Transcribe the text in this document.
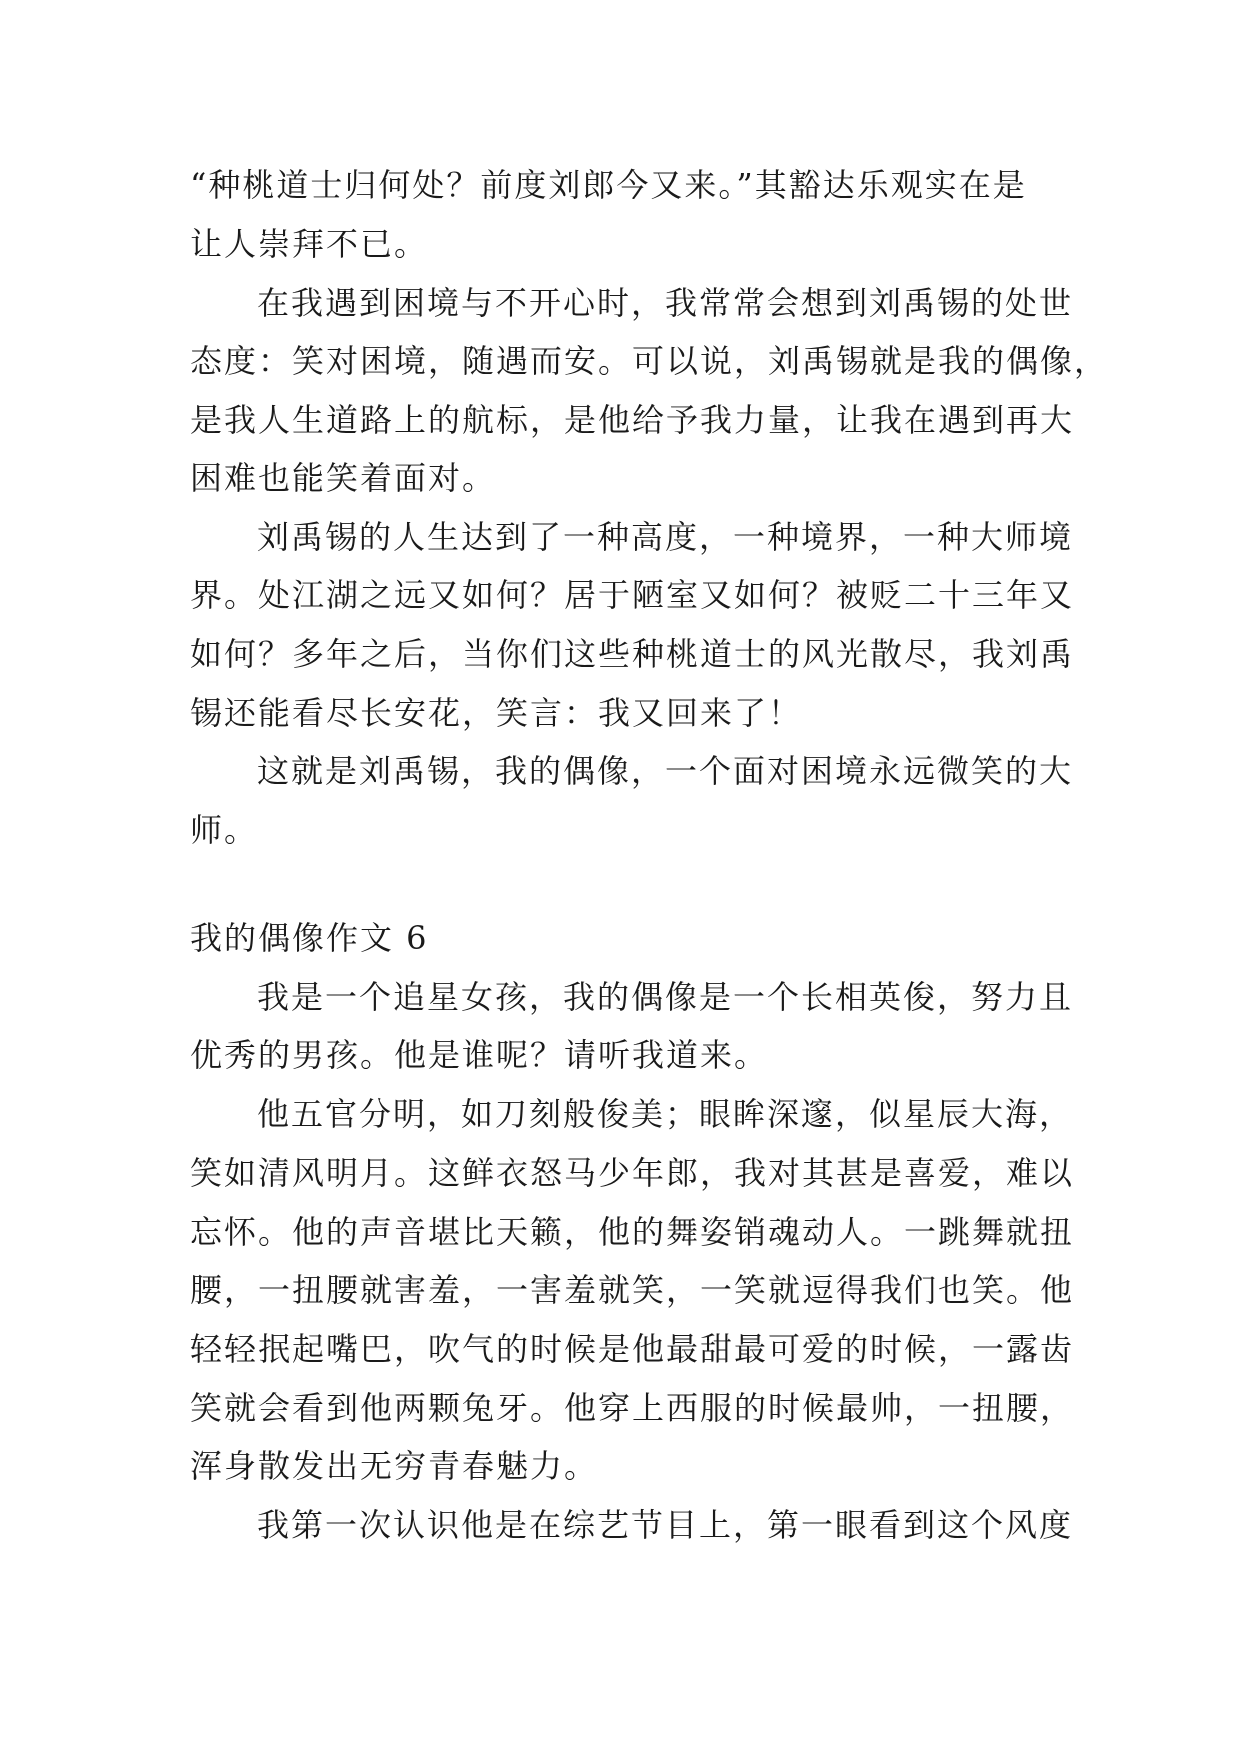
“种桃道士归何处？前度刘郎今又来。”其豁达乐观实在是
让人崇拜不已。
在我遇到困境与不开心时，我常常会想到刘禹锡的处世
态度：笑对困境，随遇而安。可以说，刘禹锡就是我的偶像，
是我人生道路上的航标，是他给予我力量，让我在遇到再大
困难也能笑着面对。
刘禹锡的人生达到了一种高度，一种境界，一种大师境
界。处江湖之远又如何？居于陋室又如何？被贬二十三年又
如何？多年之后，当你们这些种桃道士的风光散尽，我刘禹
锡还能看尽长安花，笑言：我又回来了！
这就是刘禹锡，我的偶像，一个面对困境永远微笑的大
师。
我的偶像作文 6
我是一个追星女孩，我的偶像是一个长相英俊，努力且
优秀的男孩。他是谁呢？请听我道来。
他五官分明，如刀刻般俊美；眼眸深邃，似星辰大海，
笑如清风明月。这鲜衣怒马少年郎，我对其甚是喜爱，难以
忘怀。他的声音堪比天籁，他的舞姿销魂动人。一跳舞就扭
腰，一扭腰就害羞，一害羞就笑，一笑就逗得我们也笑。他
轻轻抿起嘴巴，吹气的时候是他最甜最可爱的时候，一露齿
笑就会看到他两颗兔牙。他穿上西服的时候最帅，一扭腰，
浑身散发出无穷青春魅力。
我第一次认识他是在综艺节目上，第一眼看到这个风度
